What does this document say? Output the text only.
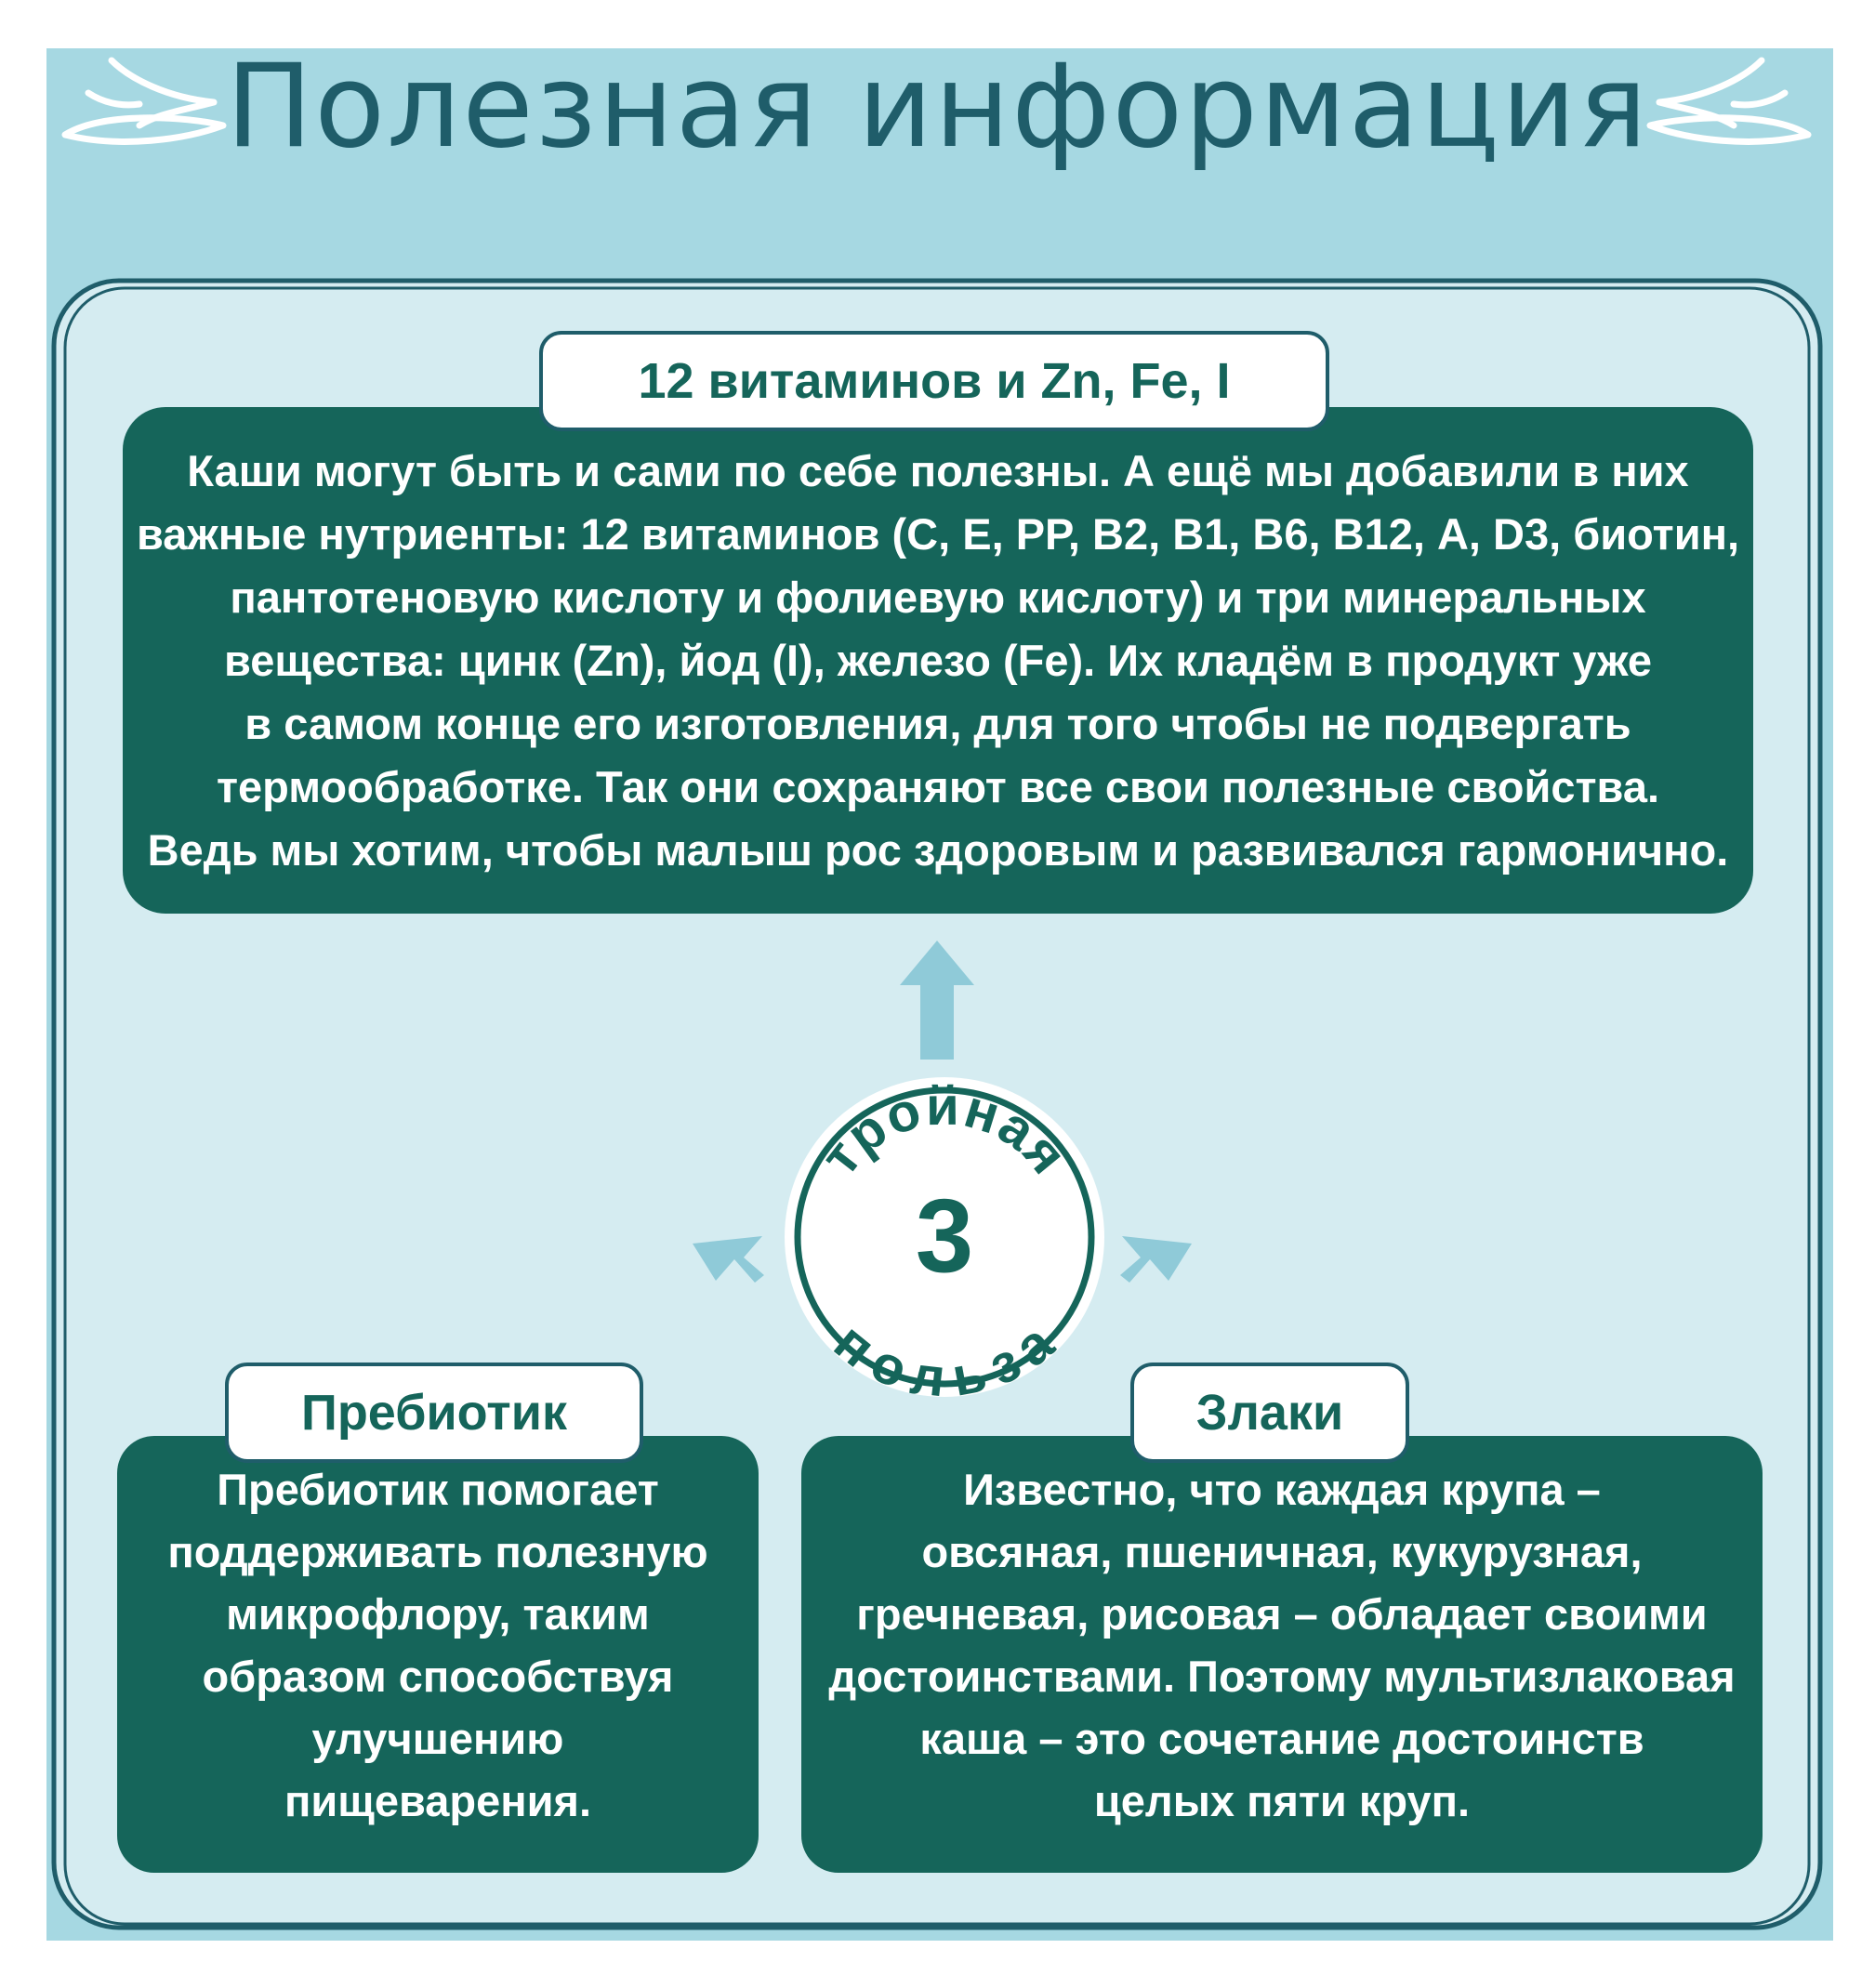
Полезная информация
Каши могут быть и сами по себе полезны. А ещё мы добавили в них
важные нутриенты: 12 витаминов (С, Е, РР, В2, В1, В6, В12, А, D3, биотин,
пантотеновую кислоту и фолиевую кислоту) и три минеральных
вещества: цинк (Zn), йод (I), железо (Fe). Их кладём в продукт уже
в самом конце его изготовления, для того чтобы не подвергать
термообработке. Так они сохраняют все свои полезные свойства.
Ведь мы хотим, чтобы малыш рос здоровым и развивался гармонично.
12 витаминов и Zn, Fe, I
тройная
польза
3
Пребиотик помогает
поддерживать полезную
микрофлору, таким
образом способствуя
улучшению
пищеварения.
Пребиотик
Известно, что каждая крупа –
овсяная, пшеничная, кукурузная,
гречневая, рисовая – обладает своими
достоинствами. Поэтому мультизлаковая
каша – это сочетание достоинств
целых пяти круп.
Злаки
